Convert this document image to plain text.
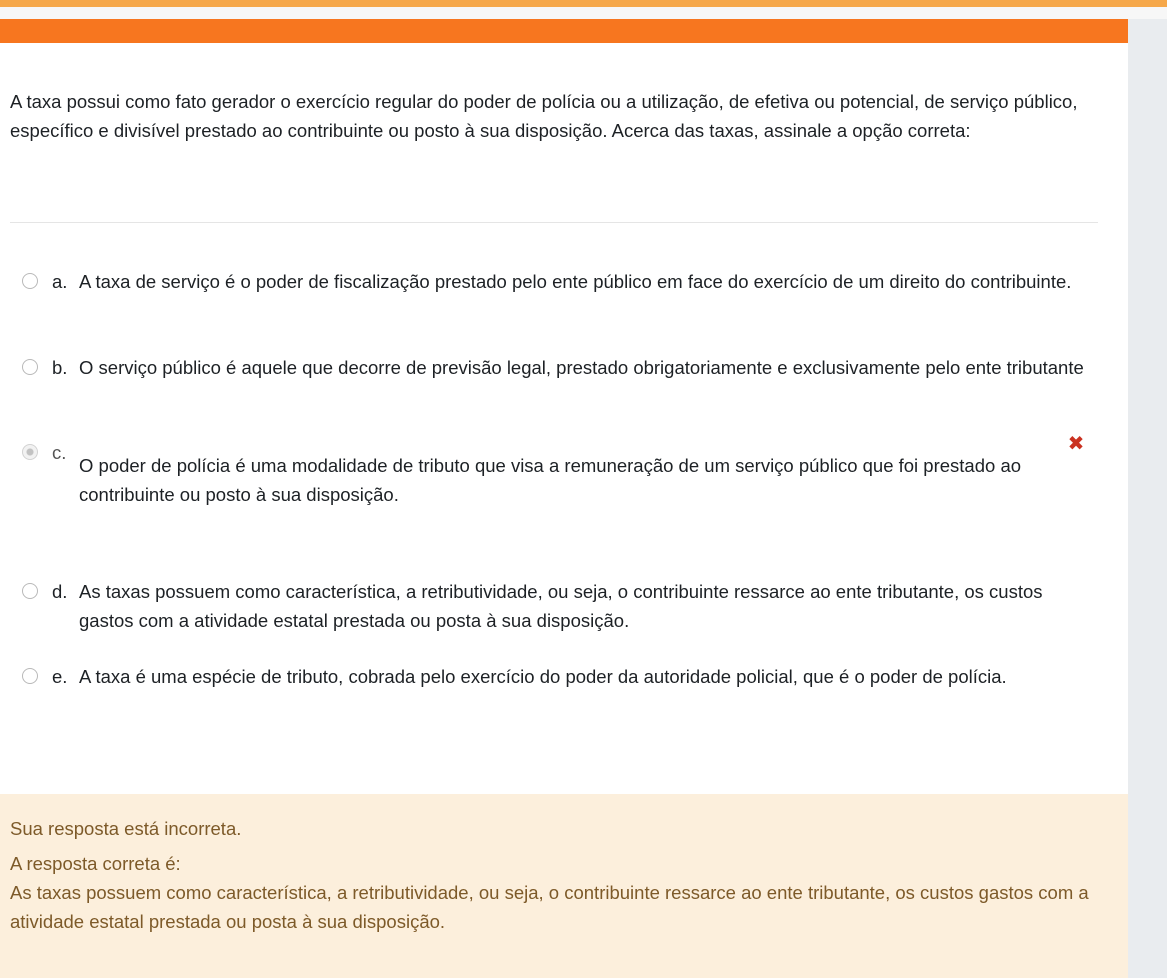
A taxa possui como fato gerador o exercício regular do poder de polícia ou a utilização, de efetiva ou potencial, de serviço público, específico e divisível prestado ao contribuinte ou posto à sua disposição. Acerca das taxas, assinale a opção correta:
a. A taxa de serviço é o poder de fiscalização prestado pelo ente público em face do exercício de um direito do contribuinte.
b. O serviço público é aquele que decorre de previsão legal, prestado obrigatoriamente e exclusivamente pelo ente tributante
c.
O poder de polícia é uma modalidade de tributo que visa a remuneração de um serviço público que foi prestado ao contribuinte ou posto à sua disposição.
d. As taxas possuem como característica, a retributividade, ou seja, o contribuinte ressarce ao ente tributante, os custos gastos com a atividade estatal prestada ou posta à sua disposição.
e. A taxa é uma espécie de tributo, cobrada pelo exercício do poder da autoridade policial, que é o poder de polícia.
✖
Sua resposta está incorreta.
A resposta correta é:
As taxas possuem como característica, a retributividade, ou seja, o contribuinte ressarce ao ente tributante, os custos gastos com a atividade estatal prestada ou posta à sua disposição.
